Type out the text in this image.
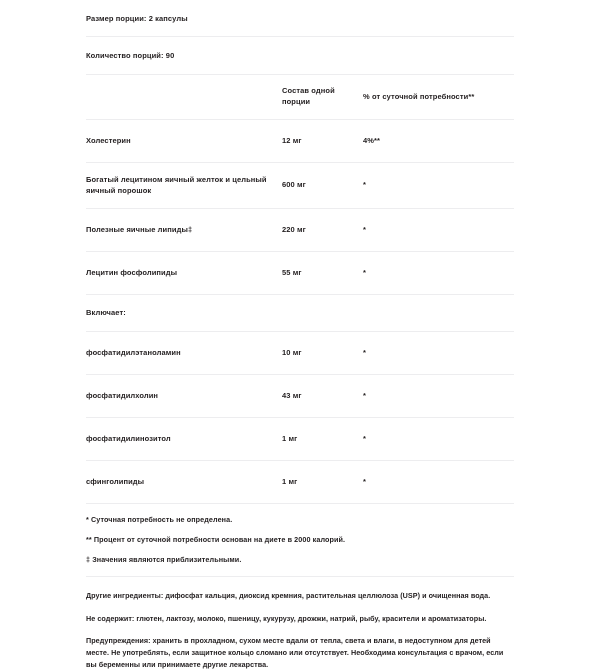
Размер порции: 2 капсулы
Количество порций: 90
	Состав одной порции	% от суточной потребности**
Холестерин	12 мг	4%**
Богатый лецитином яичный желток и цельный яичный порошок	600 мг	*
Полезные яичные липиды‡	220 мг	*
Лецитин фосфолипиды	55 мг	*
Включает:		
фосфатидилэтаноламин	10 мг	*
фосфатидилхолин	43 мг	*
фосфатидилинозитол	1 мг	*
сфинголипиды	1 мг	*

* Суточная потребность не определена.

** Процент от суточной потребности основан на диете в 2000 калорий.

‡ Значения являются приблизительными.

Другие ингредиенты: дифосфат кальция, диоксид кремния, растительная целлюлоза (USP) и очищенная вода.

Не содержит: глютен, лактозу, молоко, пшеницу, кукурузу, дрожжи, натрий, рыбу, красители и ароматизаторы.

Предупреждения: хранить в прохладном, сухом месте вдали от тепла, света и влаги, в недоступном для детей месте. Не употреблять, если защитное кольцо сломано или отсутствует. Необходима консультация с врачом, если вы беременны или принимаете другие лекарства.
